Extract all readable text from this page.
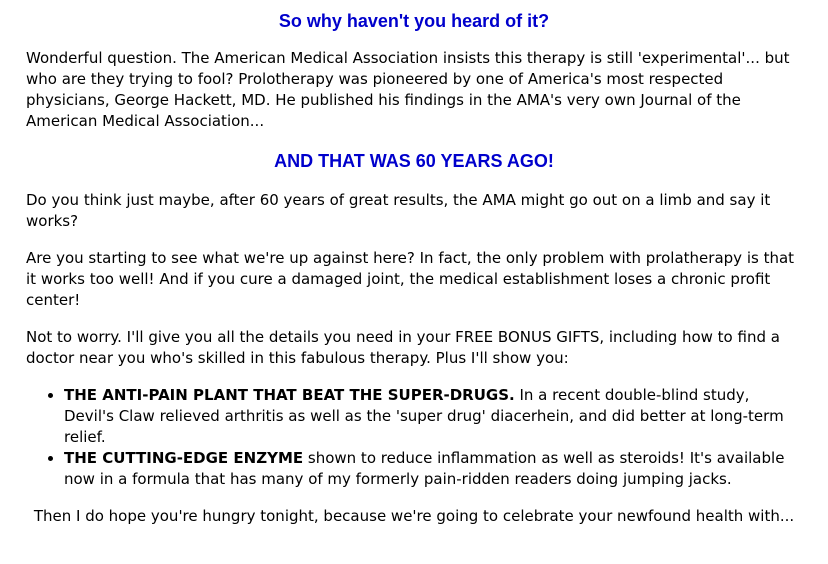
So why haven't you heard of it?

Wonderful question. The American Medical Association insists this therapy is still 'experimental'... but who are they trying to fool? Prolotherapy was pioneered by one of America's most respected physicians, George Hackett, MD. He published his findings in the AMA's very own Journal of the American Medical Association...

AND THAT WAS 60 YEARS AGO!

Do you think just maybe, after 60 years of great results, the AMA might go out on a limb and say it works?

Are you starting to see what we're up against here? In fact, the only problem with prolatherapy is that it works too well! And if you cure a damaged joint, the medical establishment loses a chronic profit center!

Not to worry. I'll give you all the details you need in your FREE BONUS GIFTS, including how to find a doctor near you who's skilled in this fabulous therapy. Plus I'll show you:

• THE ANTI-PAIN PLANT THAT BEAT THE SUPER-DRUGS. In a recent double-blind study, Devil's Claw relieved arthritis as well as the 'super drug' diacerhein, and did better at long-term relief.
• THE CUTTING-EDGE ENZYME shown to reduce inflammation as well as steroids! It's available now in a formula that has many of my formerly pain-ridden readers doing jumping jacks.

Then I do hope you're hungry tonight, because we're going to celebrate your newfound health with...
